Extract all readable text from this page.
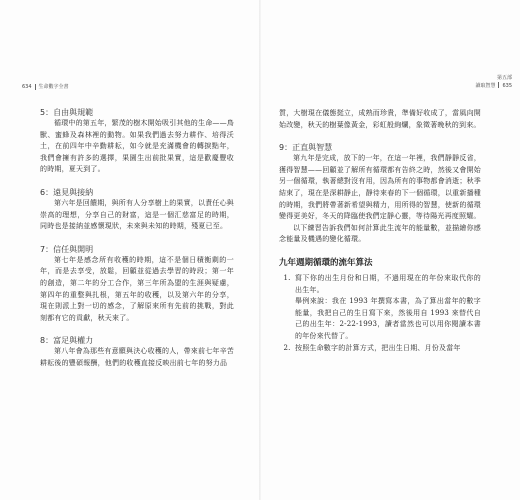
634 生命數字全書

5：自由與規範

循環中的第五年，繁茂的樹木開始吸引其他的生命——鳥獸、蜜蜂及森林裡的動物。如果我們過去努力耕作、培得沃土，在前四年中辛勤耕耘，如今就是充滿機會的轉捩點年，我們會擁有許多的選擇，果園生出前批果實，這是歡慶豐收的時期，夏天到了。

6：遠見與接納

第六年是回饋期，與所有人分享樹上的果實，以責任心與崇高的理想，分享自己的財富，這是一個汇慈富足的時期，同時也是接納並感懷現狀，未來與未知的時期，殘夏已至。

7：信任與開明

第七年是感念所有收穫的時期，這不是個日積衡剩的一年，而是去享受，放鬆，回顧並從過去學習的時段；第一年的創造，第二年的分工合作，第三年所為盟的生涯與疑慮，第四年的重整與扎根，第五年的收穫，以及第六年的分享，現在則派上對一切的感念，了解原來所有先前的挑戰，對此刻都有它的貢獻，秋天來了。

8：富足與權力

第八年會為那些有意願與決心收穫的人，帶來前七年辛苦耕耘後的豐碩報酬，他們的收穫直接反映出前七年的努力品

第五部
讀取智慧 635

質，大樹現在儀態挺立，成熟而珍貴，準備好收成了，當風向開始改變，秋天的樹葉像黃金，彩虹般絢爛，象徵著晚秋的到來。

9：正直與智慧

第九年是完成，放下的一年，在這一年裡，我們靜靜反省，獲得智慧——回顧並了解所有循環都有告終之時，然後又會開始另一個循環，執著總對沒有用，因為所有的事物都會消逝；秋季結束了，現在是深耕靜止，靜待來春的下一個循環，以重新播種的時期，我們將帶著新希望與精力，用所得的智慧，使新的循環變得更美好，冬天的降臨使我們定靜心靈，等待陽光再度照耀。

以下練習告訴我們如何計算此生流年的能量數，並描繪你感念能量及機遇的變化循環。

九年週期循環的流年算法

1. 寫下你的出生月份和日期，不過用現在的年份來取代你的出生年。

舉例來說：我在 1993 年撰寫本書，為了算出當年的數字能量，我把自己的生日寫下來，然後用自 1993 來替代自己的出生年：2-22-1993，讀者當然也可以用你閱讀本書的年份來代替了。

2. 按照生命數字的計算方式，把出生日期、月份及當年
